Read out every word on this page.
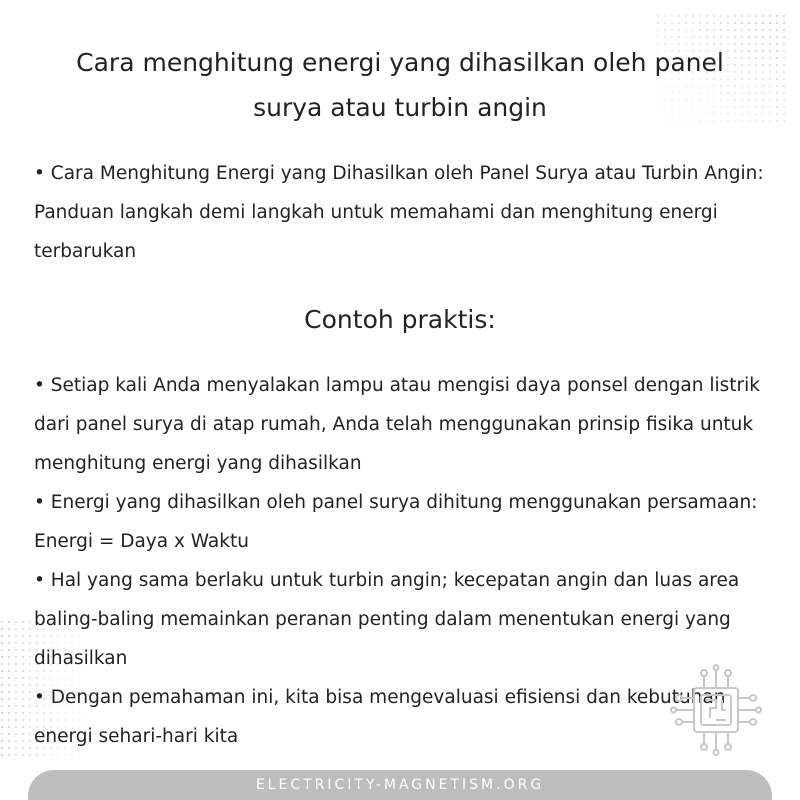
Cara menghitung energi yang dihasilkan oleh panel surya atau turbin angin

• Cara Menghitung Energi yang Dihasilkan oleh Panel Surya atau Turbin Angin: Panduan langkah demi langkah untuk memahami dan menghitung energi terbarukan

Contoh praktis:
• Setiap kali Anda menyalakan lampu atau mengisi daya ponsel dengan listrik dari panel surya di atap rumah, Anda telah menggunakan prinsip fisika untuk menghitung energi yang dihasilkan
• Energi yang dihasilkan oleh panel surya dihitung menggunakan persamaan: Energi = Daya x Waktu
• Hal yang sama berlaku untuk turbin angin; kecepatan angin dan luas area baling-baling memainkan peranan penting dalam menentukan energi yang dihasilkan
• Dengan pemahaman ini, kita bisa mengevaluasi efisiensi dan kebutuhan energi sehari-hari kita
ELECTRICITY-MAGNETISM.ORG
